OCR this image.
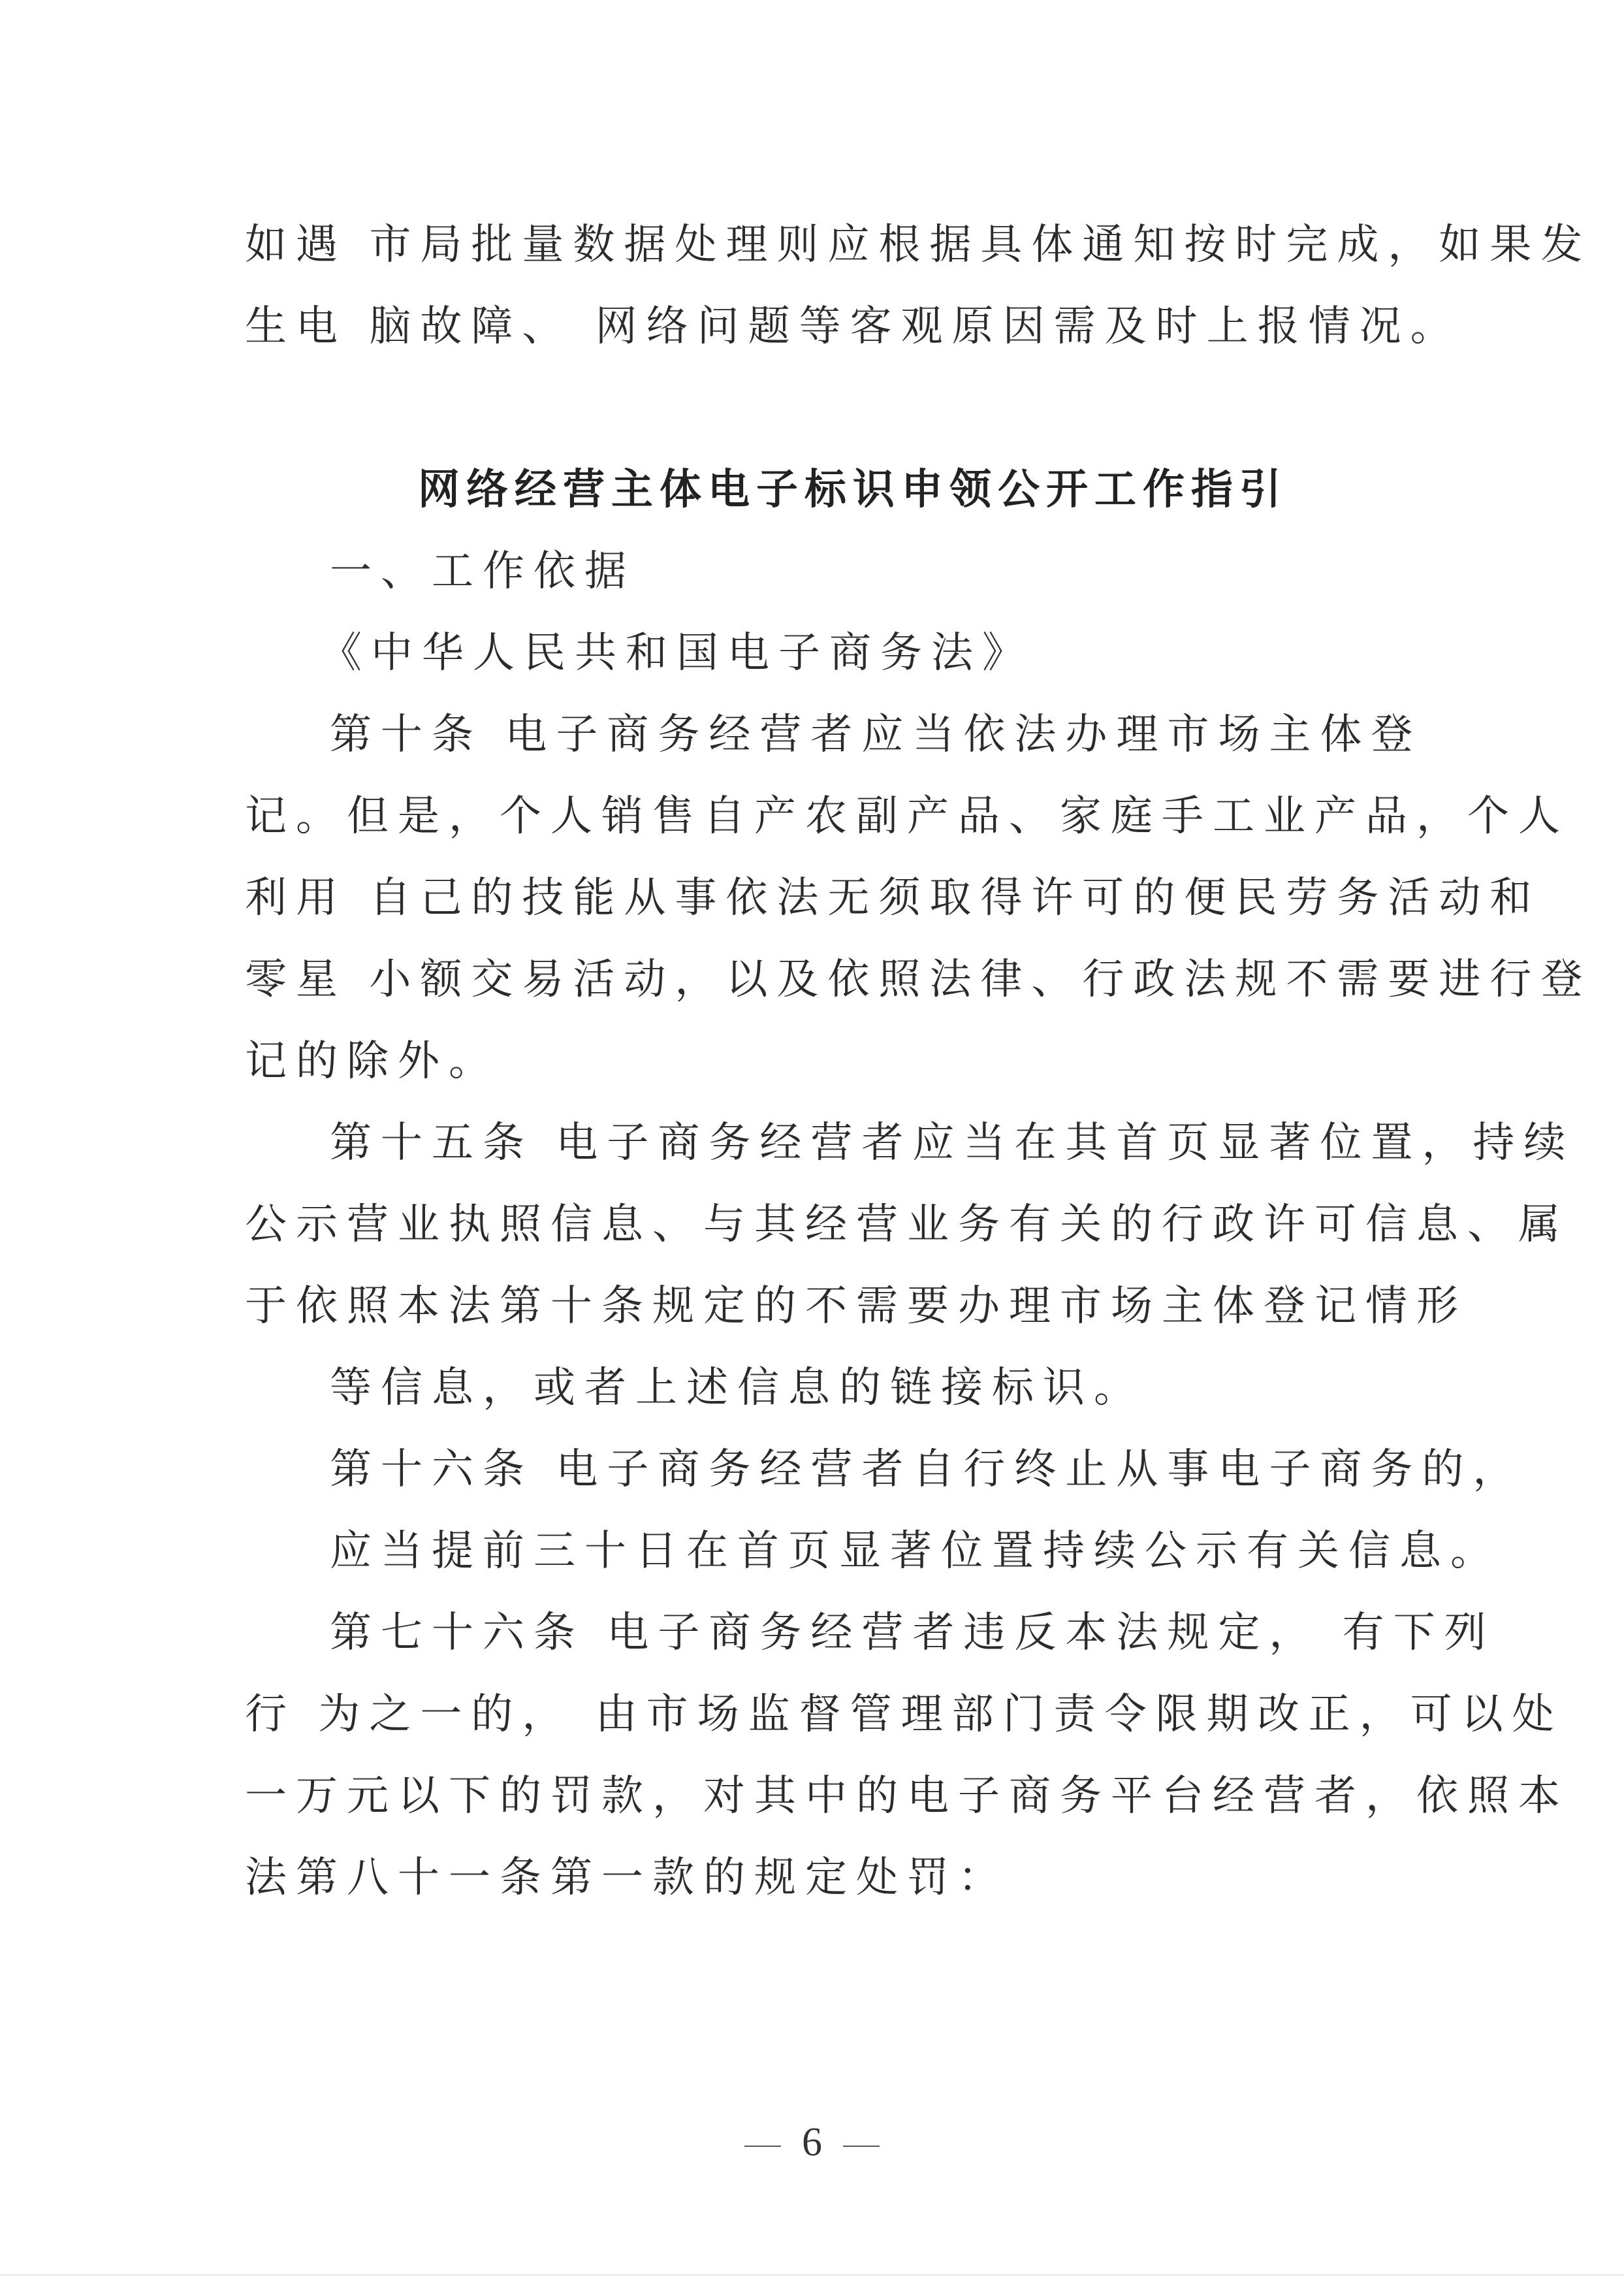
如遇 市局批量数据处理则应根据具体通知按时完成，如果发
生电 脑故障、 网络问题等客观原因需及时上报情况。
网络经营主体电子标识申领公开工作指引
一、工作依据
《中华人民共和国电子商务法》
第十条 电子商务经营者应当依法办理市场主体登
记。但是，个人销售自产农副产品、家庭手工业产品，个人
利用 自己的技能从事依法无须取得许可的便民劳务活动和
零星 小额交易活动，以及依照法律、行政法规不需要进行登
记的除外。
第十五条 电子商务经营者应当在其首页显著位置，持续
公示营业执照信息、与其经营业务有关的行政许可信息、属
于依照本法第十条规定的不需要办理市场主体登记情形
等信息，或者上述信息的链接标识。
第十六条 电子商务经营者自行终止从事电子商务的，
应当提前三十日在首页显著位置持续公示有关信息。
第七十六条 电子商务经营者违反本法规定， 有下列
行 为之一的， 由市场监督管理部门责令限期改正，可以处
一万元以下的罚款，对其中的电子商务平台经营者，依照本
法第八十一条第一款的规定处罚：
6
